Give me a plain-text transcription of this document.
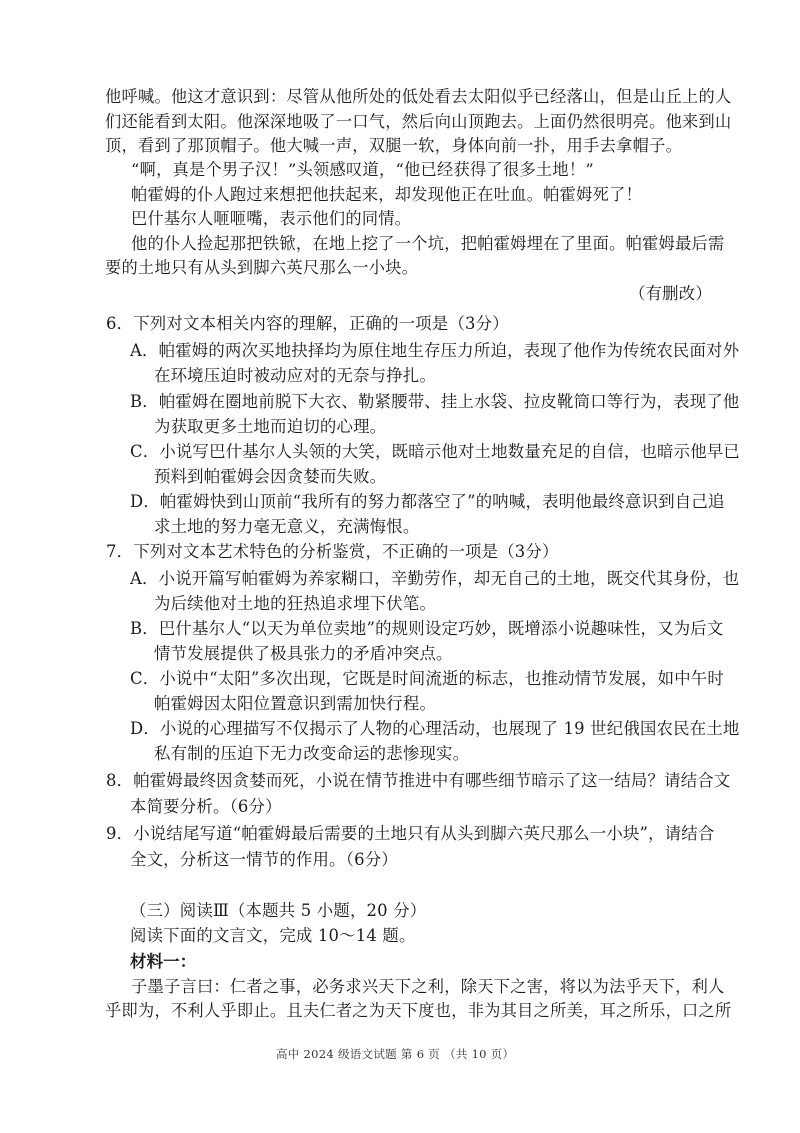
他呼喊。他这才意识到：尽管从他所处的低处看去太阳似乎已经落山，但是山丘上的人
们还能看到太阳。他深深地吸了一口气，然后向山顶跑去。上面仍然很明亮。他来到山
顶，看到了那顶帽子。他大喊一声，双腿一软，身体向前一扑，用手去拿帽子。
“啊，真是个男子汉！”头领感叹道，“他已经获得了很多土地！”
帕霍姆的仆人跑过来想把他扶起来，却发现他正在吐血。帕霍姆死了！
巴什基尔人咂咂嘴，表示他们的同情。
他的仆人捡起那把铁锨，在地上挖了一个坑，把帕霍姆埋在了里面。帕霍姆最后需
要的土地只有从头到脚六英尺那么一小块。
（有删改）
6．下列对文本相关内容的理解，正确的一项是（3分）
A．帕霍姆的两次买地抉择均为原住地生存压力所迫，表现了他作为传统农民面对外
在环境压迫时被动应对的无奈与挣扎。
B．帕霍姆在圈地前脱下大衣、勒紧腰带、挂上水袋、拉皮靴筒口等行为，表现了他
为获取更多土地而迫切的心理。
C．小说写巴什基尔人头领的大笑，既暗示他对土地数量充足的自信，也暗示他早已
预料到帕霍姆会因贪婪而失败。
D．帕霍姆快到山顶前“我所有的努力都落空了”的呐喊，表明他最终意识到自己追
求土地的努力毫无意义，充满悔恨。
7．下列对文本艺术特色的分析鉴赏，不正确的一项是（3分）
A．小说开篇写帕霍姆为养家糊口，辛勤劳作，却无自己的土地，既交代其身份，也
为后续他对土地的狂热追求埋下伏笔。
B．巴什基尔人“以天为单位卖地”的规则设定巧妙，既增添小说趣味性，又为后文
情节发展提供了极具张力的矛盾冲突点。
C．小说中“太阳”多次出现，它既是时间流逝的标志，也推动情节发展，如中午时
帕霍姆因太阳位置意识到需加快行程。
D．小说的心理描写不仅揭示了人物的心理活动，也展现了 19 世纪俄国农民在土地
私有制的压迫下无力改变命运的悲惨现实。
8．帕霍姆最终因贪婪而死，小说在情节推进中有哪些细节暗示了这一结局？请结合文
本简要分析。（6分）
9．小说结尾写道“帕霍姆最后需要的土地只有从头到脚六英尺那么一小块”，请结合
全文，分析这一情节的作用。（6分）
（三）阅读Ⅲ（本题共 5 小题，20 分）
阅读下面的文言文，完成 10～14 题。
材料一：
子墨子言曰：仁者之事，必务求兴天下之利，除天下之害，将以为法乎天下，利人
乎即为，不利人乎即止。且夫仁者之为天下度也，非为其目之所美，耳之所乐，口之所
高中 2024 级语文试题 第 6 页 （共 10 页）
